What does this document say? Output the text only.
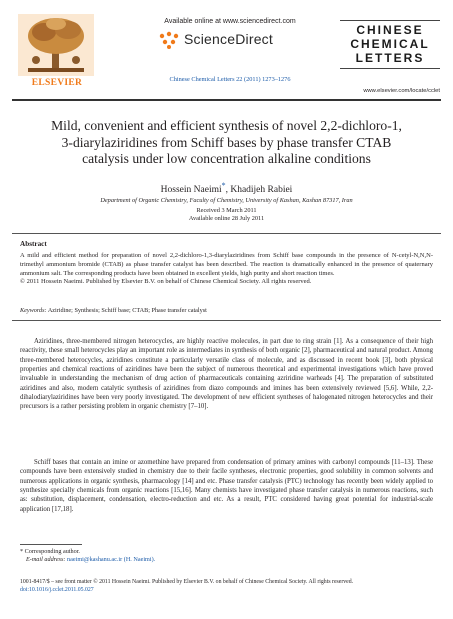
ELSEVIER
Available online at www.sciencedirect.com
ScienceDirect
Chinese Chemical Letters 22 (2011) 1273–1276
CHINESE
CHEMICAL
LETTERS
www.elsevier.com/locate/cclet
Mild, convenient and efficient synthesis of novel 2,2-dichloro-1,
3-diarylaziridines from Schiff bases by phase transfer CTAB
catalysis under low concentration alkaline conditions
Hossein Naeimi*, Khadijeh Rabiei
Department of Organic Chemistry, Faculty of Chemistry, University of Kashan, Kashan 87317, Iran
Received 3 March 2011
Available online 28 July 2011
Abstract
A mild and efficient method for preparation of novel 2,2-dichloro-1,3-diarylaziridines from Schiff base compounds in the presence of N-cetyl-N,N,N-trimethyl ammonium bromide (CTAB) as phase transfer catalyst has been described. The reaction is dramatically enhanced in the presence of quaternary ammonium salt. The corresponding products have been obtained in excellent yields, high purity and short reaction times.
© 2011 Hossein Naeimi. Published by Elsevier B.V. on behalf of Chinese Chemical Society. All rights reserved.
Keywords: Aziridine; Synthesis; Schiff base; CTAB; Phase transfer catalyst
Aziridines, three-membered nitrogen heterocycles, are highly reactive molecules, in part due to ring strain [1]. As a consequence of their high reactivity, these small heterocycles play an important role as intermediates in synthesis of both organic [2], pharmaceutical and natural product. Among three-membered heterocycles, aziridines constitute a particularly versatile class of molecule, and as discussed in recent book [3], both physical properties and chemical reactions of aziridines have been the subject of numerous theoretical and experimental investigations which have proved invaluable in understanding the mechanism of drug action of pharmaceuticals containing azriridine warheads [4]. The preparation of substituted aziridines and also, modern catalytic synthesis of aziridines from diazo compounds and imines has been extensively reviewed [5,6]. While, 2,2-dihalodiarylaziridines have been very poorly investigated. The development of new efficient syntheses of halogenated nitrogen heterocycles and their precursors is a rather persisting problem in organic chemistry [7–10].
Schiff bases that contain an imine or azomethine have prepared from condensation of primary amines with carbonyl compounds [11–13]. These compounds have been extensively studied in chemistry due to their facile syntheses, electronic properties, good solubility in common solvents and numerous applications in organic synthesis, pharmacology [14] and etc. Phase transfer catalysis (PTC) technology has recently been widely applied to synthesize specially chemicals from organic reactions [15,16]. Many chemists have investigated phase transfer catalysis in numerous reactions, such as: substitution, displacement, condensation, electro-reduction and etc. As a result, PTC considered having great potential for industrial-scale application [17,18].
* Corresponding author.
E-mail address: naeimi@kashanu.ac.ir (H. Naeimi).
1001-8417/$ – see front matter © 2011 Hossein Naeimi. Published by Elsevier B.V. on behalf of Chinese Chemical Society. All rights reserved.
doi:10.1016/j.cclet.2011.05.027
